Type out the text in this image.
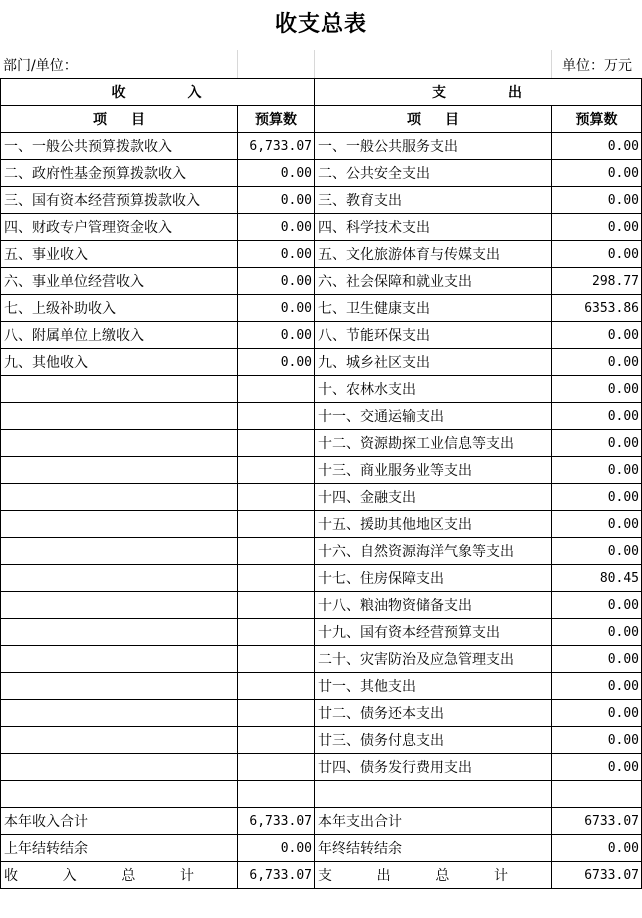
收支总表
部门/单位：	单位：万元
收 入		支 出	
项 目	预算数	项 目	预算数
一、一般公共预算拨款收入	6,733.07	一、一般公共服务支出	0.00
二、政府性基金预算拨款收入	0.00	二、公共安全支出	0.00
三、国有资本经营预算拨款收入	0.00	三、教育支出	0.00
四、财政专户管理资金收入	0.00	四、科学技术支出	0.00
五、事业收入	0.00	五、文化旅游体育与传媒支出	0.00
六、事业单位经营收入	0.00	六、社会保障和就业支出	298.77
七、上级补助收入	0.00	七、卫生健康支出	6353.86
八、附属单位上缴收入	0.00	八、节能环保支出	0.00
九、其他收入	0.00	九、城乡社区支出	0.00
		十、农林水支出	0.00
		十一、交通运输支出	0.00
		十二、资源勘探工业信息等支出	0.00
		十三、商业服务业等支出	0.00
		十四、金融支出	0.00
		十五、援助其他地区支出	0.00
		十六、自然资源海洋气象等支出	0.00
		十七、住房保障支出	80.45
		十八、粮油物资储备支出	0.00
		十九、国有资本经营预算支出	0.00
		二十、灾害防治及应急管理支出	0.00
		廿一、其他支出	0.00
		廿二、债务还本支出	0.00
		廿三、债务付息支出	0.00
		廿四、债务发行费用支出	0.00

本年收入合计	6,733.07	本年支出合计	6733.07
上年结转结余	0.00	年终结转结余	0.00

收 入 总 计	6,733.07	支 出 总 计	6733.07
